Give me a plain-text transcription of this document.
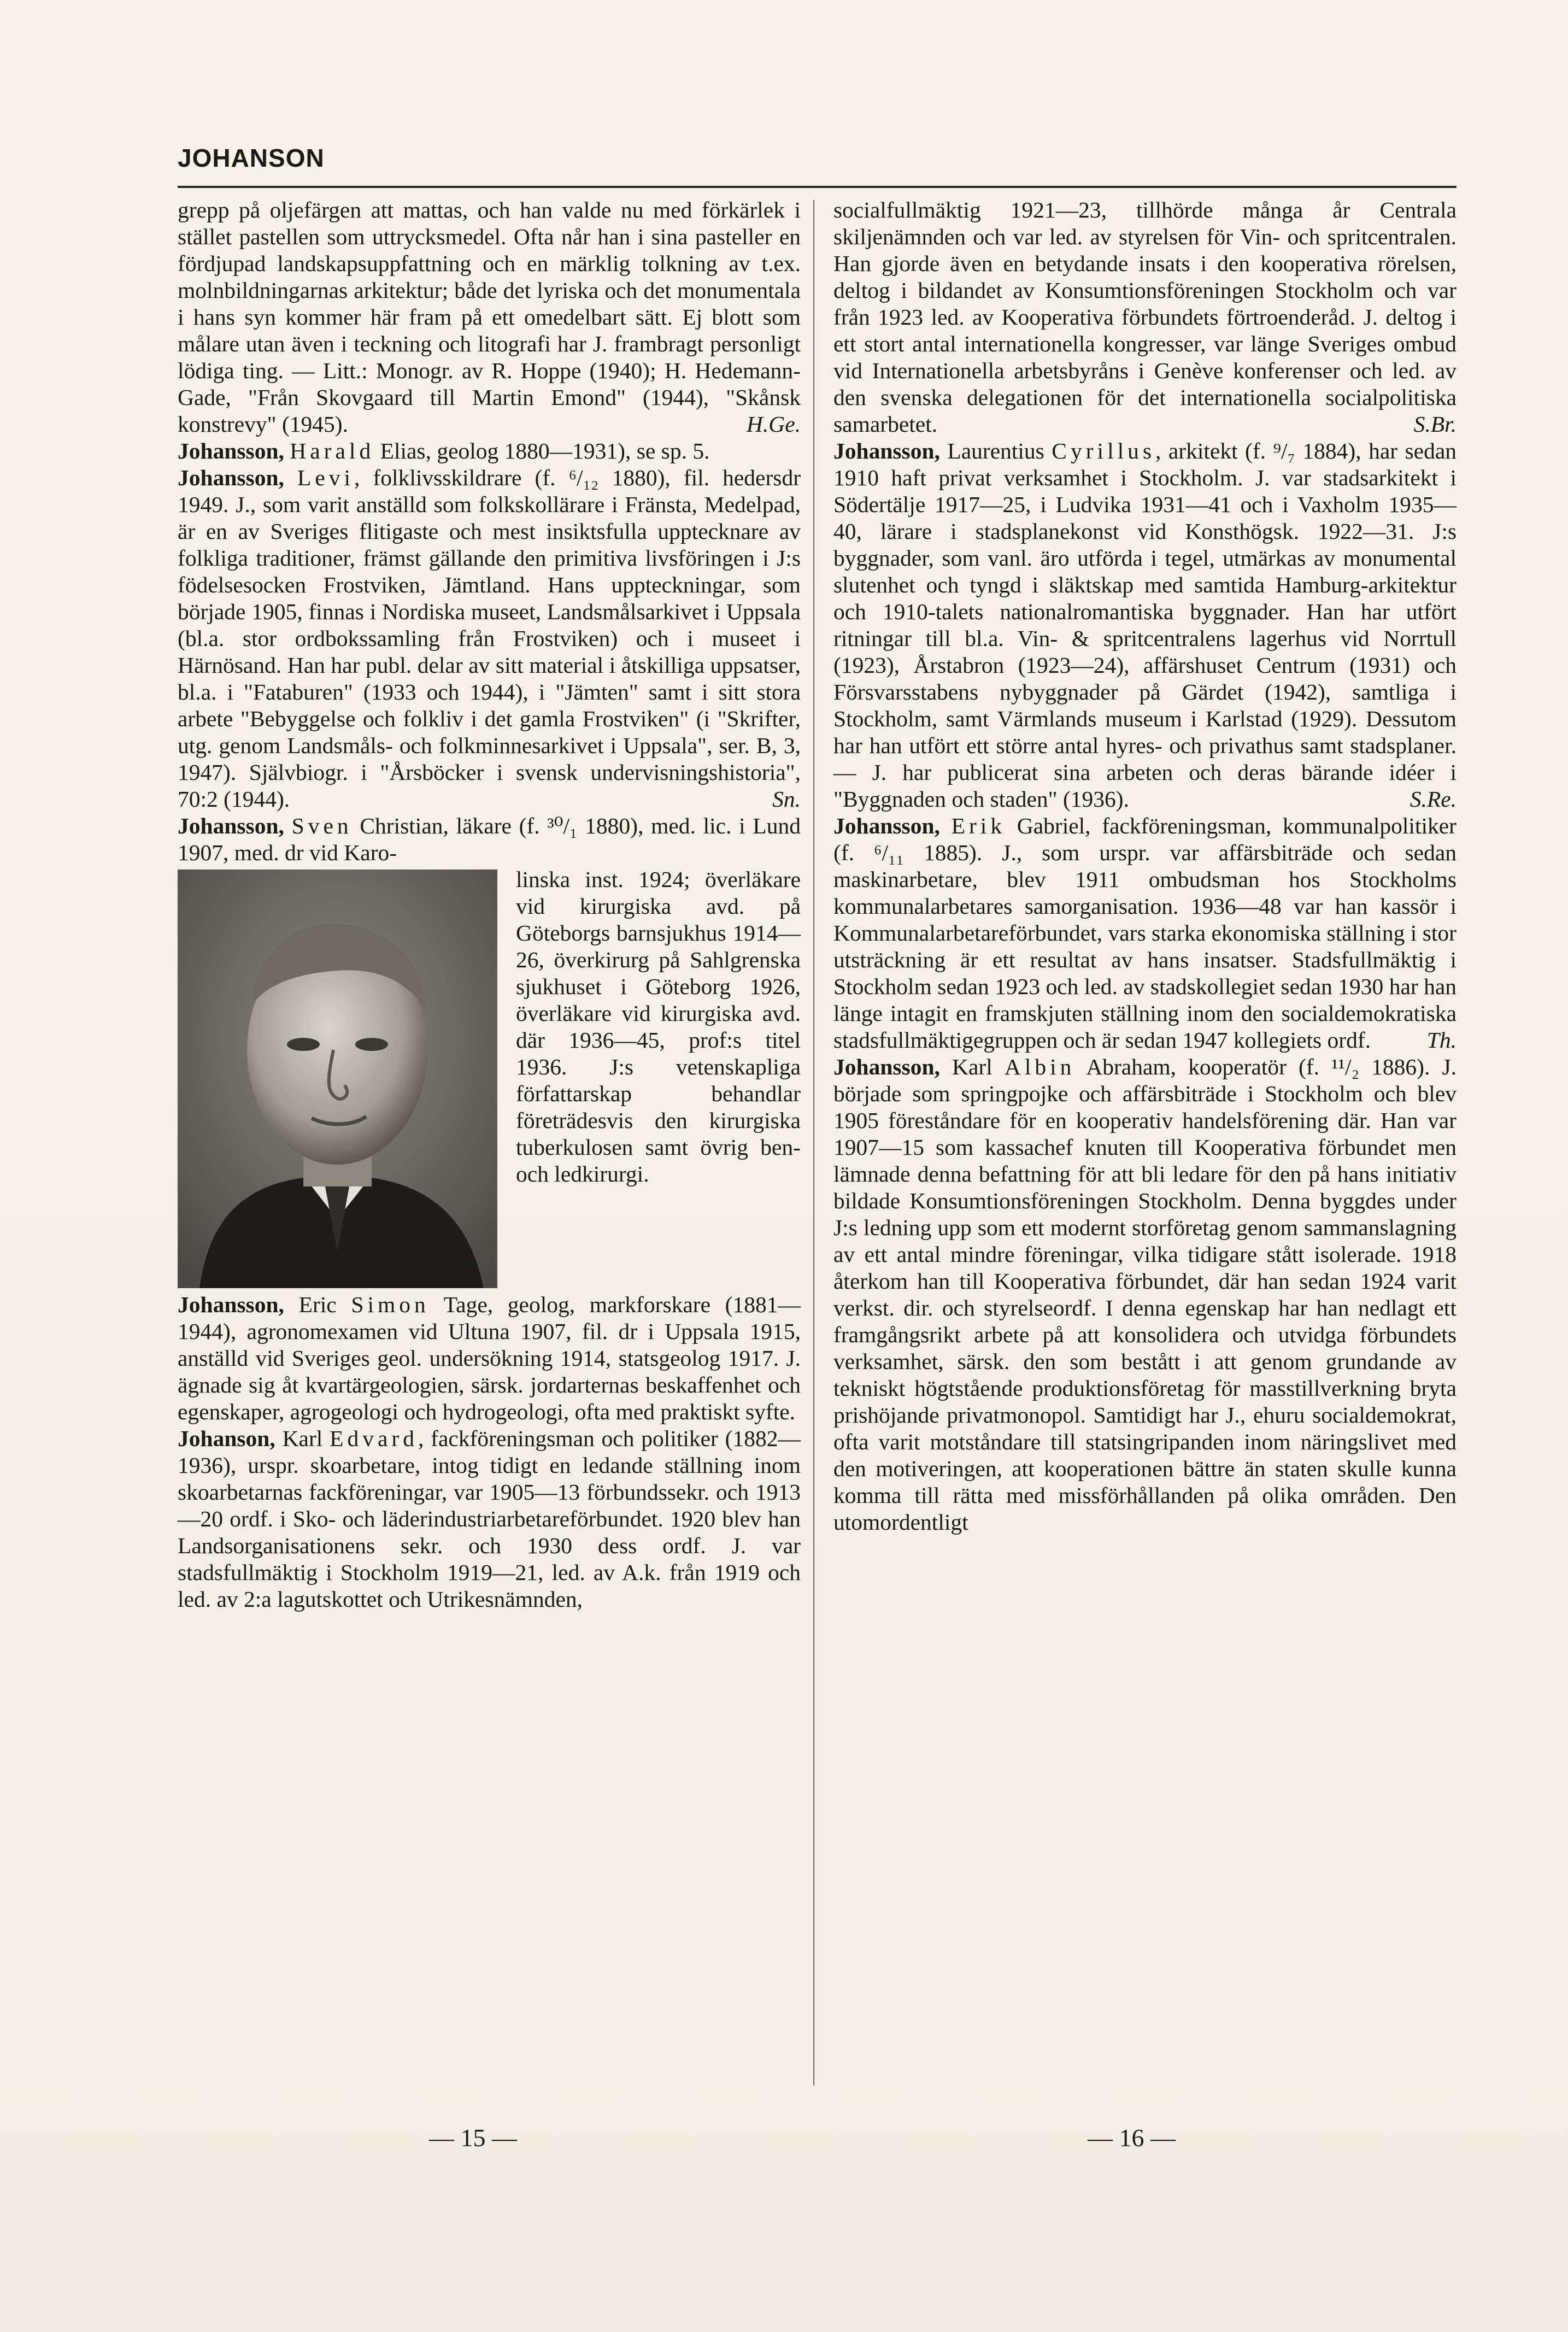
JOHANSON

grepp på oljefärgen att mattas, och han valde nu med förkärlek i stället pastellen som uttrycksmedel. Ofta når han i sina pasteller en fördjupad landskapsuppfattning och en märklig tolkning av t.ex. molnbildningarnas arkitektur; både det lyriska och det monumentala i hans syn kommer här fram på ett omedelbart sätt. Ej blott som målare utan även i teckning och litografi har J. frambragt personligt lödiga ting. — Litt.: Monogr. av R. Hoppe (1940); H. Hedemann-Gade, "Från Skovgaard till Martin Emond" (1944), "Skånsk konstrevy" (1945).	H.Ge.

Johansson, Harald Elias, geolog 1880—1931), se sp. 5.

Johansson, Levi, folklivsskildrare (f. ⁶/₁₂ 1880), fil. hedersdr 1949. J., som varit anställd som folkskollärare i Fränsta, Medelpad, är en av Sveriges flitigaste och mest insiktsfulla upptecknare av folkliga traditioner, främst gällande den primitiva livsföringen i J:s födelsesocken Frostviken, Jämtland. Hans uppteckningar, som började 1905, finnas i Nordiska museet, Landsmålsarkivet i Uppsala (bl.a. stor ordbokssamling från Frostviken) och i museet i Härnösand. Han har publ. delar av sitt material i åtskilliga uppsatser, bl.a. i "Fataburen" (1933 och 1944), i "Jämten" samt i sitt stora arbete "Bebyggelse och folkliv i det gamla Frostviken" (i "Skrifter, utg. genom Landsmåls- och folkminnesarkivet i Uppsala", ser. B, 3, 1947). Självbiogr. i "Årsböcker i svensk undervisningshistoria", 70:2 (1944).	Sn.

Johansson, Sven Christian, läkare (f. ³⁰/₁ 1880), med. lic. i Lund 1907, med. dr vid Karo-

linska inst. 1924; överläkare vid kirurgiska avd. på Göteborgs barnsjukhus 1914—26, överkirurg på Sahlgrenska sjukhuset i Göteborg 1926, överläkare vid kirurgiska avd. där 1936—45, prof:s titel 1936. J:s vetenskapliga författarskap behandlar företrädesvis den kirurgiska tuberkulosen samt övrig ben- och ledkirurgi.

Johansson, Eric Simon Tage, geolog, markforskare (1881—1944), agronomexamen vid Ultuna 1907, fil. dr i Uppsala 1915, anställd vid Sveriges geol. undersökning 1914, statsgeolog 1917. J. ägnade sig åt kvartärgeologien, särsk. jordarternas beskaffenhet och egenskaper, agrogeologi och hydrogeologi, ofta med praktiskt syfte.

Johanson, Karl Edvard, fackföreningsman och politiker (1882—1936), urspr. skoarbetare, intog tidigt en ledande ställning inom skoarbetarnas fackföreningar, var 1905—13 förbundssekr. och 1913—20 ordf. i Sko- och läderindustriarbetareförbundet. 1920 blev han Landsorganisationens sekr. och 1930 dess ordf. J. var stadsfullmäktig i Stockholm 1919—21, led. av A.k. från 1919 och led. av 2:a lagutskottet och Utrikesnämnden,

socialfullmäktig 1921—23, tillhörde många år Centrala skiljenämnden och var led. av styrelsen för Vin- och spritcentralen. Han gjorde även en betydande insats i den kooperativa rörelsen, deltog i bildandet av Konsumtionsföreningen Stockholm och var från 1923 led. av Kooperativa förbundets förtroenderåd. J. deltog i ett stort antal internationella kongresser, var länge Sveriges ombud vid Internationella arbetsbyråns i Genève konferenser och led. av den svenska delegationen för det internationella socialpolitiska samarbetet.	S.Br.

Johansson, Laurentius Cyrillus, arkitekt (f. ⁹/₇ 1884), har sedan 1910 haft privat verksamhet i Stockholm. J. var stadsarkitekt i Södertälje 1917—25, i Ludvika 1931—41 och i Vaxholm 1935—40, lärare i stadsplanekonst vid Konsthögsk. 1922—31. J:s byggnader, som vanl. äro utförda i tegel, utmärkas av monumental slutenhet och tyngd i släktskap med samtida Hamburg-arkitektur och 1910-talets nationalromantiska byggnader. Han har utfört ritningar till bl.a. Vin- & spritcentralens lagerhus vid Norrtull (1923), Årstabron (1923—24), affärshuset Centrum (1931) och Försvarsstabens nybyggnader på Gärdet (1942), samtliga i Stockholm, samt Värmlands museum i Karlstad (1929). Dessutom har han utfört ett större antal hyres- och privathus samt stadsplaner. — J. har publicerat sina arbeten och deras bärande idéer i "Byggnaden och staden" (1936).	S.Re.

Johansson, Erik Gabriel, fackföreningsman, kommunalpolitiker (f. ⁶/₁₁ 1885). J., som urspr. var affärsbiträde och sedan maskinarbetare, blev 1911 ombudsman hos Stockholms kommunalarbetares samorganisation. 1936—48 var han kassör i Kommunalarbetareförbundet, vars starka ekonomiska ställning i stor utsträckning är ett resultat av hans insatser. Stadsfullmäktig i Stockholm sedan 1923 och led. av stadskollegiet sedan 1930 har han länge intagit en framskjuten ställning inom den socialdemokratiska stadsfullmäktigegruppen och är sedan 1947 kollegiets ordf. Th.

Johansson, Karl Albin Abraham, kooperatör (f. ¹¹/₂ 1886). J. började som springpojke och affärsbiträde i Stockholm och blev 1905 föreståndare för en kooperativ handelsförening där. Han var 1907—15 som kassachef knuten till Kooperativa förbundet men lämnade denna befattning för att bli ledare för den på hans initiativ bildade Konsumtionsföreningen Stockholm. Denna byggdes under J:s ledning upp som ett modernt storföretag genom sammanslagning av ett antal mindre föreningar, vilka tidigare stått isolerade. 1918 återkom han till Kooperativa förbundet, där han sedan 1924 varit verkst. dir. och styrelseordf. I denna egenskap har han nedlagt ett framgångsrikt arbete på att konsolidera och utvidga förbundets verksamhet, särsk. den som bestått i att genom grundande av tekniskt högtstående produktionsföretag för masstillverkning bryta prishöjande privatmonopol. Samtidigt har J., ehuru socialdemokrat, ofta varit motståndare till statsingripanden inom näringslivet med den motiveringen, att kooperationen bättre än staten skulle kunna komma till rätta med missförhållanden på olika områden. Den utomordentligt

— 15 —	— 16 —
